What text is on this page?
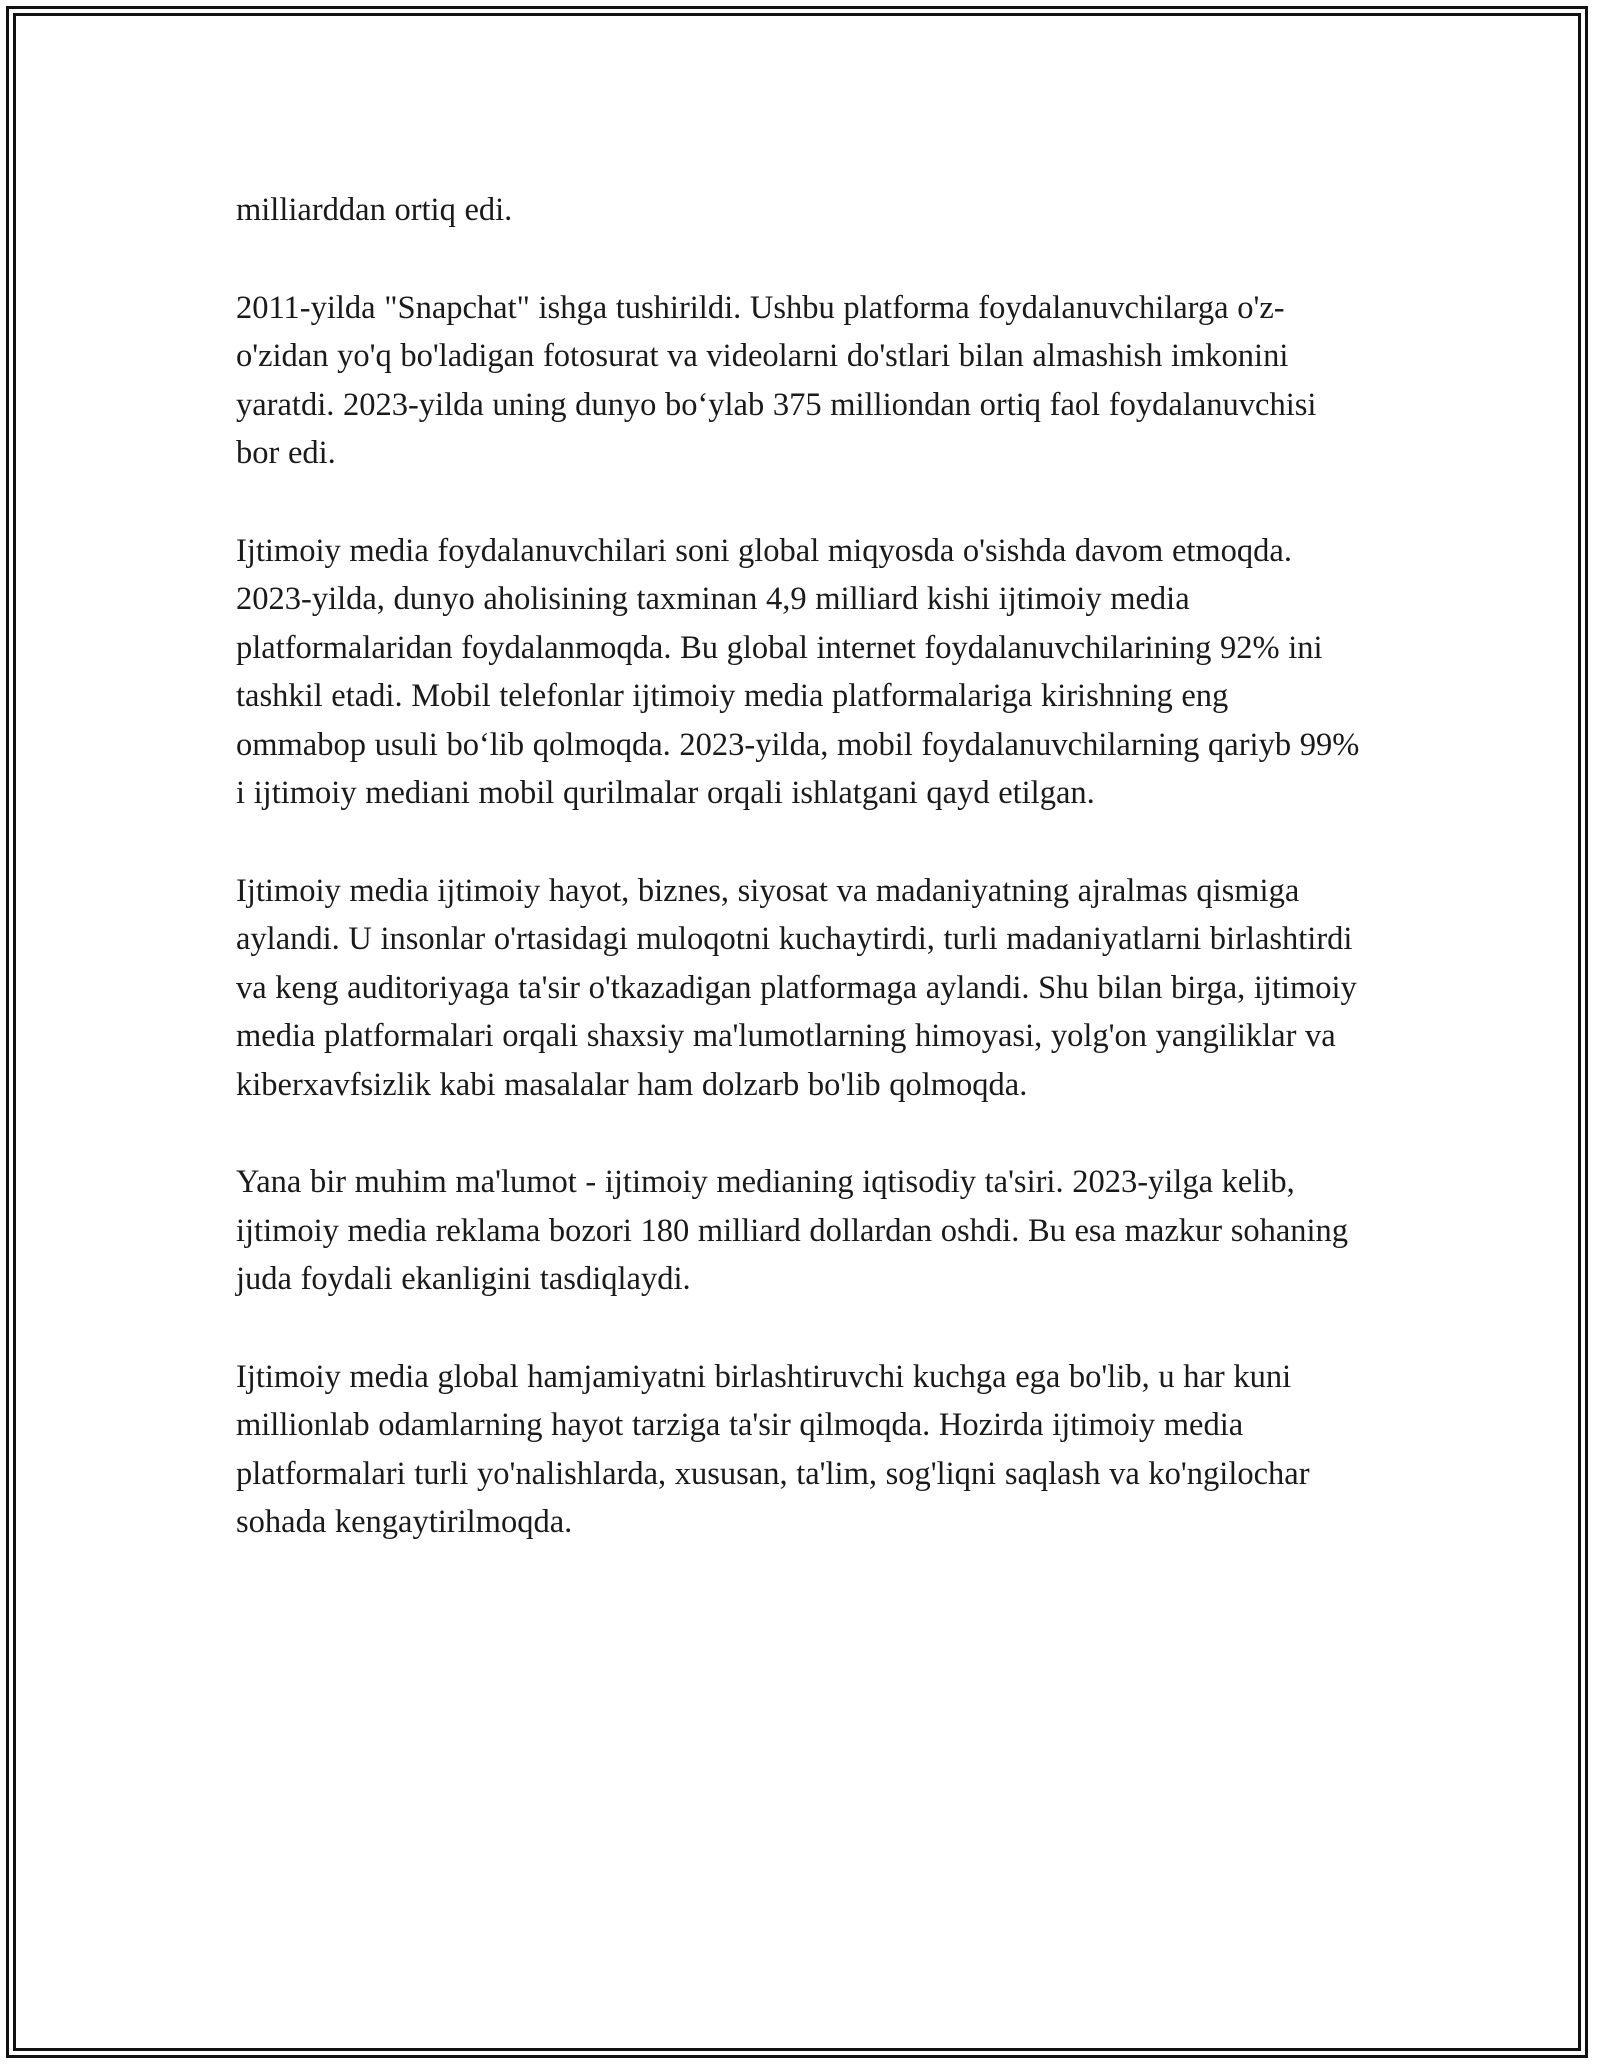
milliarddan ortiq edi.

2011-yilda "Snapchat" ishga tushirildi. Ushbu platforma foydalanuvchilarga o'z-o'zidan yo'q bo'ladigan fotosurat va videolarni do'stlari bilan almashish imkonini yaratdi. 2023-yilda uning dunyo bo‘ylab 375 milliondan ortiq faol foydalanuvchisi bor edi.

Ijtimoiy media foydalanuvchilari soni global miqyosda o'sishda davom etmoqda. 2023-yilda, dunyo aholisining taxminan 4,9 milliard kishi ijtimoiy media platformalaridan foydalanmoqda. Bu global internet foydalanuvchilarining 92% ini tashkil etadi. Mobil telefonlar ijtimoiy media platformalariga kirishning eng ommabop usuli bo‘lib qolmoqda. 2023-yilda, mobil foydalanuvchilarning qariyb 99% i ijtimoiy mediani mobil qurilmalar orqali ishlatgani qayd etilgan.

Ijtimoiy media ijtimoiy hayot, biznes, siyosat va madaniyatning ajralmas qismiga aylandi. U insonlar o'rtasidagi muloqotni kuchaytirdi, turli madaniyatlarni birlashtirdi va keng auditoriyaga ta'sir o'tkazadigan platformaga aylandi. Shu bilan birga, ijtimoiy media platformalari orqali shaxsiy ma'lumotlarning himoyasi, yolg'on yangiliklar va kiberxavfsizlik kabi masalalar ham dolzarb bo'lib qolmoqda.

Yana bir muhim ma'lumot - ijtimoiy medianing iqtisodiy ta'siri. 2023-yilga kelib, ijtimoiy media reklama bozori 180 milliard dollardan oshdi. Bu esa mazkur sohaning juda foydali ekanligini tasdiqlaydi.

Ijtimoiy media global hamjamiyatni birlashtiruvchi kuchga ega bo'lib, u har kuni millionlab odamlarning hayot tarziga ta'sir qilmoqda. Hozirda ijtimoiy media platformalari turli yo'nalishlarda, xususan, ta'lim, sog'liqni saqlash va ko'ngilochar sohada kengaytirilmoqda.
